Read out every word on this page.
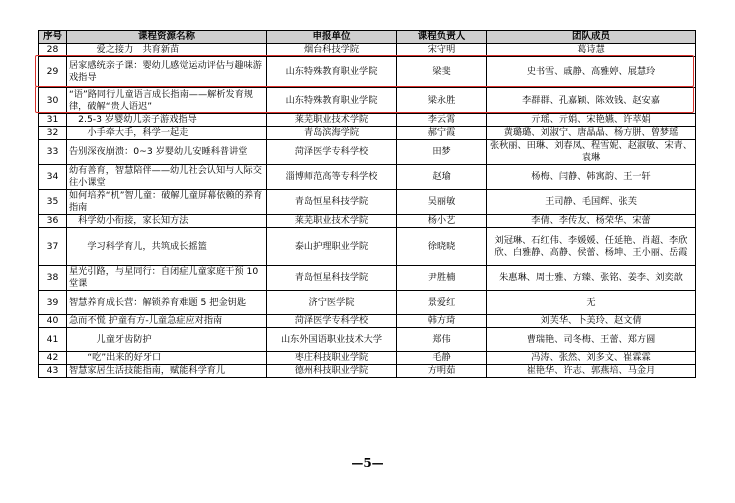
序号	课程资源名称	申报单位	课程负责人	团队成员
28	　　　爱之接力　共育新苗	烟台科技学院	宋守明	葛诗慧
29	居家感统亲子课：婴幼儿感觉运动评估与趣味游戏指导	山东特殊教育职业学院	梁斐	史书雪、戚静、高雅婷、展慧玲
30	“语”路同行儿童语言成长指南——解析发育规律，破解“贵人语迟”	山东特殊教育职业学院	梁永胜	李群群、孔嘉颖、陈效钱、赵安嘉
31	　2.5-3 岁婴幼儿亲子游戏指导	莱芜职业技术学院	李云霄	亓瑶、亓娟、宋艳嬿、许萃娟
32	　　小手牵大手，科学一起走	青岛滨海学院	郝宁霞	黄璐璐、刘淑宁、唐晶晶、杨方胼、曾梦瑶
33	告别深夜崩溃：0~3 岁婴幼儿安睡科普讲堂	菏泽医学专科学校	田梦	张秋丽、田琳、刘春凤、程雪妮、赵淑敏、宋青、袁琳
34	幼有善育，智慧陪伴——幼儿社会认知与人际交往小课堂	淄博师范高等专科学校	赵瑜	杨梅、闫静、韩寓韵、王一轩
35	如何培养“机”智儿童：破解儿童屏幕依赖的养育指南	青岛恒星科技学院	吴丽敏	王司静、毛国辉、张芙
36	　科学幼小衔接，家长知方法	莱芜职业技术学院	杨小艺	李倩、李传友、杨荣华、宋蕾
37	　　学习科学育儿，共筑成长摇篮	泰山护理职业学院	徐晓晓	刘冠琳、石红伟、李媛媛、任延艳、肖超、李欣欣、白雅静、高静、侯蕾、杨坤、王小丽、岳霞
38	星光引路，与星同行：自闭症儿童家庭干预 10 堂课	青岛恒星科技学院	尹胜楠	朱惠琳、周士雅、方臻、张铭、姜李、刘奕歆
39	智慧养育成长营：解锁养育难题 5 把金钥匙	济宁医学院	景爱红	无
40	急而不慌 护童有方-儿童急症应对指南	菏泽医学专科学校	韩方琦	刘芙华、卜美玲、赵文倩
41	　　　儿童牙齿防护	山东外国语职业技术大学	郑伟	曹瑞艳、司冬梅、王蕾、郑方圆
42	　　“吃”出来的好牙口	枣庄科技职业学院	毛静	冯涛、张然、刘多文、崔霖霖
43	智慧家居生活技能指南，赋能科学育儿	德州科技职业学院	方明茹	崔艳华、许志、郭燕培、马金月
—5—
